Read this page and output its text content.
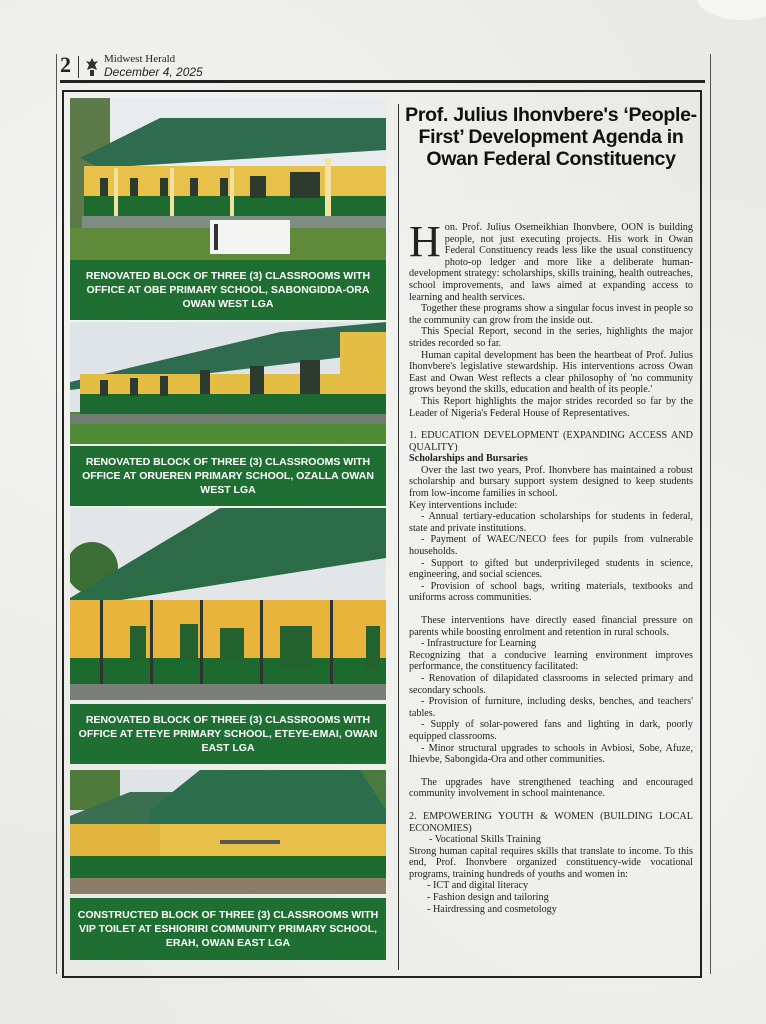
2	Midwest Herald
December 4, 2025
RENOVATED BLOCK OF THREE (3) CLASSROOMS WITH OFFICE AT OBE PRIMARY SCHOOL, SABONGIDDA-ORA OWAN WEST LGA
RENOVATED BLOCK OF THREE (3) CLASSROOMS WITH OFFICE AT ORUEREN PRIMARY SCHOOL, OZALLA OWAN WEST LGA
RENOVATED BLOCK OF THREE (3) CLASSROOMS WITH OFFICE AT ETEYE PRIMARY SCHOOL, ETEYE-EMAI, OWAN EAST LGA
CONSTRUCTED BLOCK OF THREE (3) CLASSROOMS WITH VIP TOILET AT ESHIORIRI COMMUNITY PRIMARY SCHOOL, ERAH, OWAN EAST LGA
Prof. Julius Ihonvbere's ‘People-First’ Development Agenda in Owan Federal Constituency

Hon. Prof. Julius Osemeikhian Ihonvbere, OON is building people, not just executing projects. His work in Owan Federal Constituency reads less like the usual constituency photo-op ledger and more like a deliberate human-development strategy: scholarships, skills training, health outreaches, school improvements, and laws aimed at expanding access to learning and health services.

Together these programs show a singular focus invest in people so the community can grow from the inside out.

This Special Report, second in the series, highlights the major strides recorded so far.

Human capital development has been the heartbeat of Prof. Julius Ihonvbere's legislative stewardship. His interventions across Owan East and Owan West reflects a clear philosophy of 'no community grows beyond the skills, education and health of its people.'

This Report highlights the major strides recorded so far by the Leader of Nigeria's Federal House of Representatives.

1. EDUCATION DEVELOPMENT (EXPANDING ACCESS AND QUALITY)

Scholarships and Bursaries

Over the last two years, Prof. Ihonvbere has maintained a robust scholarship and bursary support system designed to keep students from low-income families in school.

Key interventions include:

- Annual tertiary-education scholarships for students in federal, state and private institutions.

- Payment of WAEC/NECO fees for pupils from vulnerable households.

- Support to gifted but underprivileged students in science, engineering, and social sciences.

- Provision of school bags, writing materials, textbooks and uniforms across communities.

These interventions have directly eased financial pressure on parents while boosting enrolment and retention in rural schools.

- Infrastructure for Learning

Recognizing that a conducive learning environment improves performance, the constituency facilitated:

- Renovation of dilapidated classrooms in selected primary and secondary schools.

- Provision of furniture, including desks, benches, and teachers' tables.

- Supply of solar-powered fans and lighting in dark, poorly equipped classrooms.

- Minor structural upgrades to schools in Avbiosi, Sobe, Afuze, Ihievbe, Sabongida-Ora and other communities.

The upgrades have strengthened teaching and encouraged community involvement in school maintenance.

2. EMPOWERING YOUTH & WOMEN (BUILDING LOCAL ECONOMIES)

- Vocational Skills Training

Strong human capital requires skills that translate to income. To this end, Prof. Ihonvbere organized constituency-wide vocational programs, training hundreds of youths and women in:

- ICT and digital literacy

- Fashion design and tailoring

- Hairdressing and cosmetology
